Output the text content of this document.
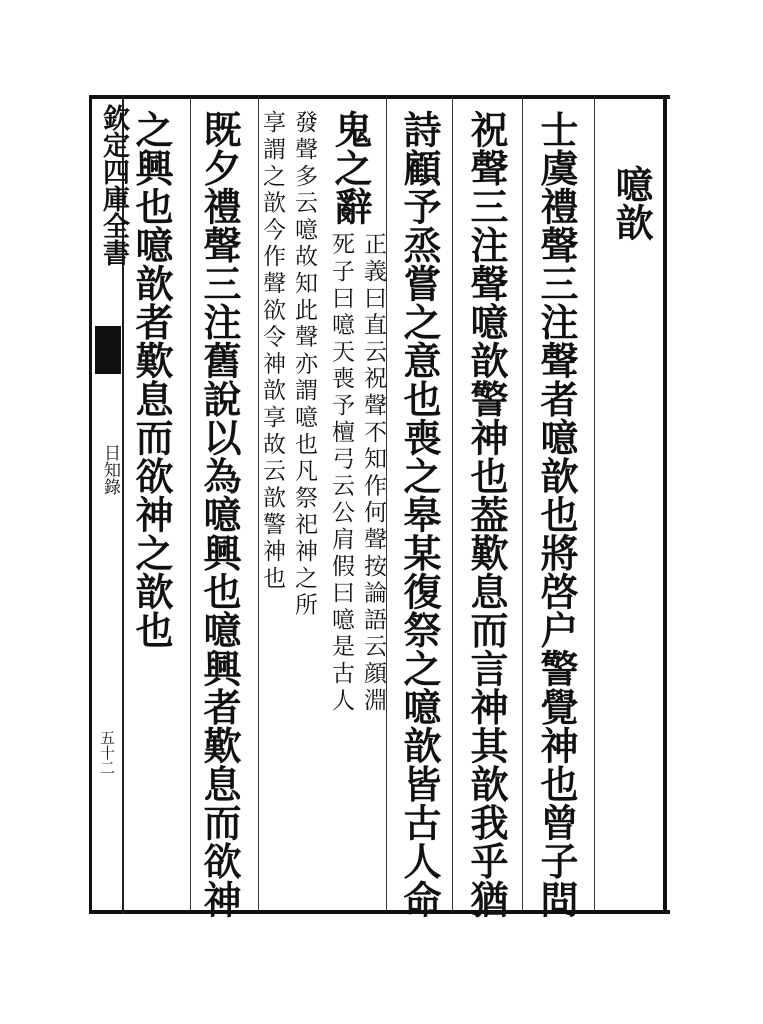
欽定四庫全書
日知錄
五十二
噫歆
士虞禮聲三注聲者噫歆也將啓户警覺神也曾子問
祝聲三注聲噫歆警神也葢歎息而言神其歆我乎猶
詩顧予烝嘗之意也喪之皋某復祭之噫歆皆古人命
鬼之辭
正義曰直云祝聲不知作何聲按論語云顔淵
死子曰噫天喪予檀弓云公肩假曰噫是古人
發聲多云噫故知此聲亦謂噫也凡祭祀神之所
享謂之歆今作聲欲令神歆享故云歆警神也
既夕禮聲三注舊說以為噫興也噫興者歎息而欲神
之興也噫歆者歎息而欲神之歆也
